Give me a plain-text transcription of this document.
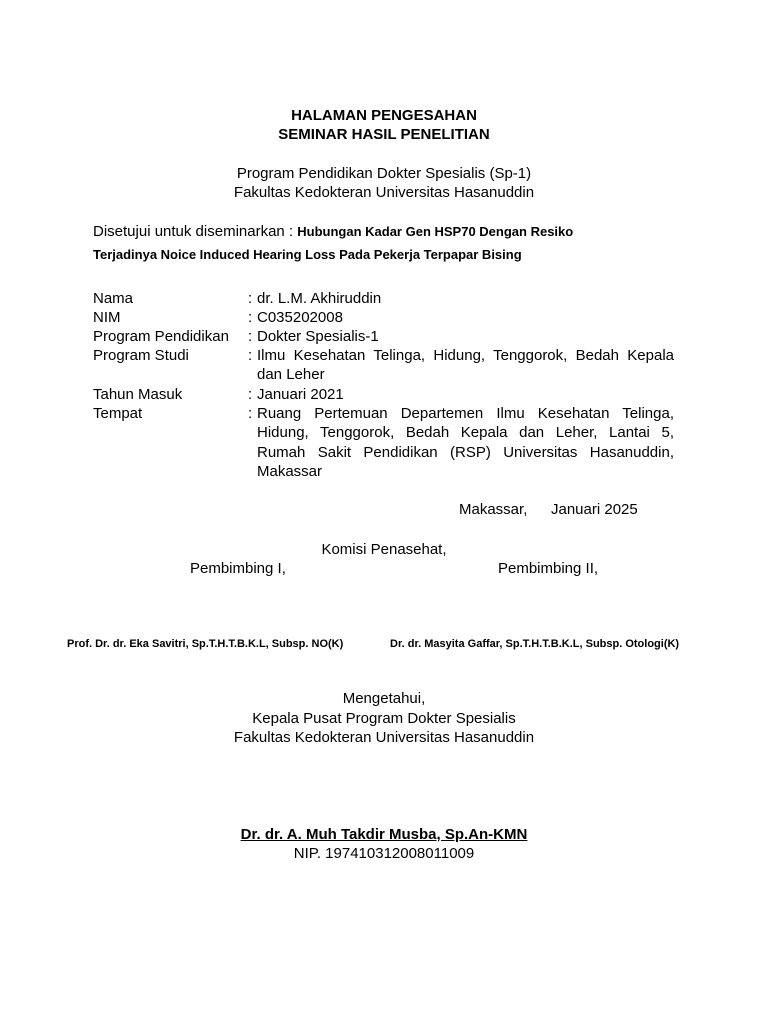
HALAMAN PENGESAHAN
SEMINAR HASIL PENELITIAN
Program Pendidikan Dokter Spesialis (Sp-1)
Fakultas Kedokteran Universitas Hasanuddin
Disetujui untuk diseminarkan : Hubungan Kadar Gen HSP70 Dengan Resiko
Terjadinya Noice Induced Hearing Loss Pada Pekerja Terpapar Bising
Nama	: dr. L.M. Akhiruddin
NIM	: C035202008
Program Pendidikan : Dokter Spesialis-1
Program Studi	: Ilmu Kesehatan Telinga, Hidung, Tenggorok, Bedah Kepala dan Leher
Tahun Masuk	: Januari 2021
Tempat	: Ruang Pertemuan Departemen Ilmu Kesehatan Telinga, Hidung, Tenggorok, Bedah Kepala dan Leher, Lantai 5, Rumah Sakit Pendidikan (RSP) Universitas Hasanuddin, Makassar
Makassar, Januari 2025
Komisi Penasehat,
Pembimbing I,	Pembimbing II,
Prof. Dr. dr. Eka Savitri, Sp.T.H.T.B.K.L, Subsp. NO(K)	Dr. dr. Masyita Gaffar, Sp.T.H.T.B.K.L, Subsp. Otologi(K)
Mengetahui,
Kepala Pusat Program Dokter Spesialis
Fakultas Kedokteran Universitas Hasanuddin
Dr. dr. A. Muh Takdir Musba, Sp.An-KMN
NIP. 197410312008011009
